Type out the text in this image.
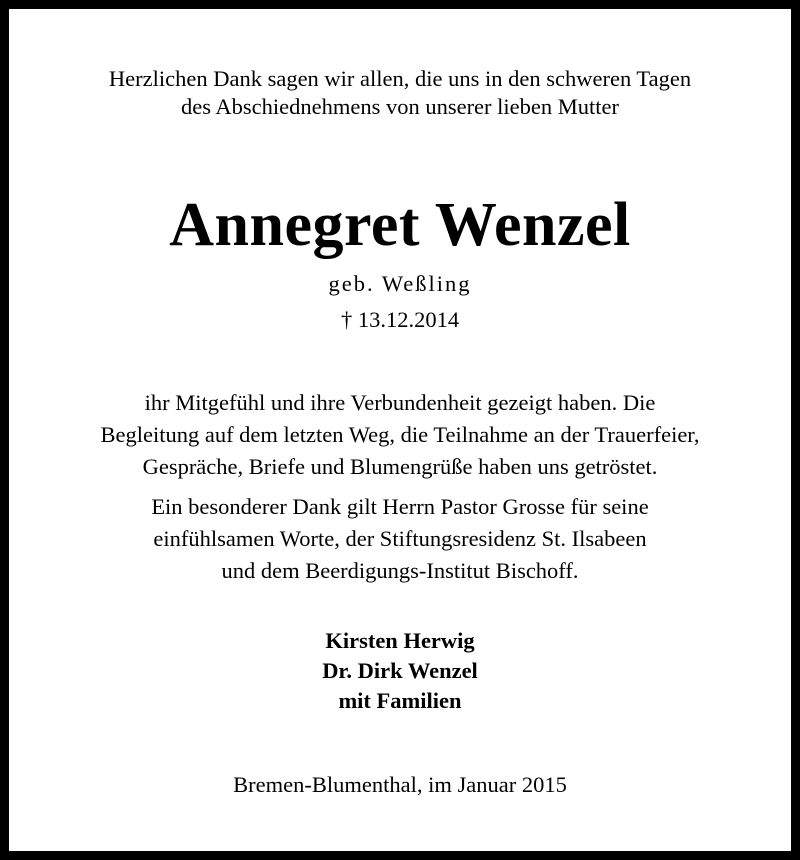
Herzlichen Dank sagen wir allen, die uns in den schweren Tagen
des Abschiednehmens von unserer lieben Mutter
Annegret Wenzel
geb. Weßling
† 13.12.2014
ihr Mitgefühl und ihre Verbundenheit gezeigt haben. Die
Begleitung auf dem letzten Weg, die Teilnahme an der Trauerfeier,
Gespräche, Briefe und Blumengrüße haben uns getröstet.
Ein besonderer Dank gilt Herrn Pastor Grosse für seine
einfühlsamen Worte, der Stiftungsresidenz St. Ilsabeen
und dem Beerdigungs-Institut Bischoff.
Kirsten Herwig
Dr. Dirk Wenzel
mit Familien
Bremen-Blumenthal, im Januar 2015
